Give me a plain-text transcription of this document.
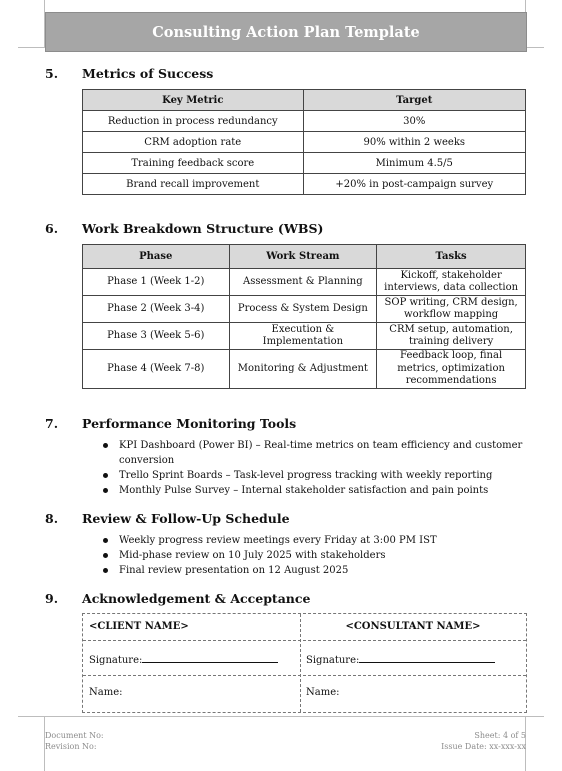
Consulting Action Plan Template
5. Metrics of Success
Key Metric	Target
Reduction in process redundancy	30%
CRM adoption rate	90% within 2 weeks
Training feedback score	Minimum 4.5/5
Brand recall improvement	+20% in post-campaign survey
6. Work Breakdown Structure (WBS)
Phase	Work Stream	Tasks
Phase 1 (Week 1-2)	Assessment & Planning	Kickoff, stakeholder interviews, data collection
Phase 2 (Week 3-4)	Process & System Design	SOP writing, CRM design, workflow mapping
Phase 3 (Week 5-6)	Execution & Implementation	CRM setup, automation, training delivery
Phase 4 (Week 7-8)	Monitoring & Adjustment	Feedback loop, final metrics, optimization recommendations
7. Performance Monitoring Tools
KPI Dashboard (Power BI) – Real-time metrics on team efficiency and customer conversion
Trello Sprint Boards – Task-level progress tracking with weekly reporting
Monthly Pulse Survey – Internal stakeholder satisfaction and pain points
8. Review & Follow-Up Schedule
Weekly progress review meetings every Friday at 3:00 PM IST
Mid-phase review on 10 July 2025 with stakeholders
Final review presentation on 12 August 2025
9. Acknowledgement & Acceptance
<CLIENT NAME>	<CONSULTANT NAME>
Signature:	Signature:
Name:	Name:
Document No:
Revision No:
Sheet: 4 of 5
Issue Date: xx-xxx-xx
